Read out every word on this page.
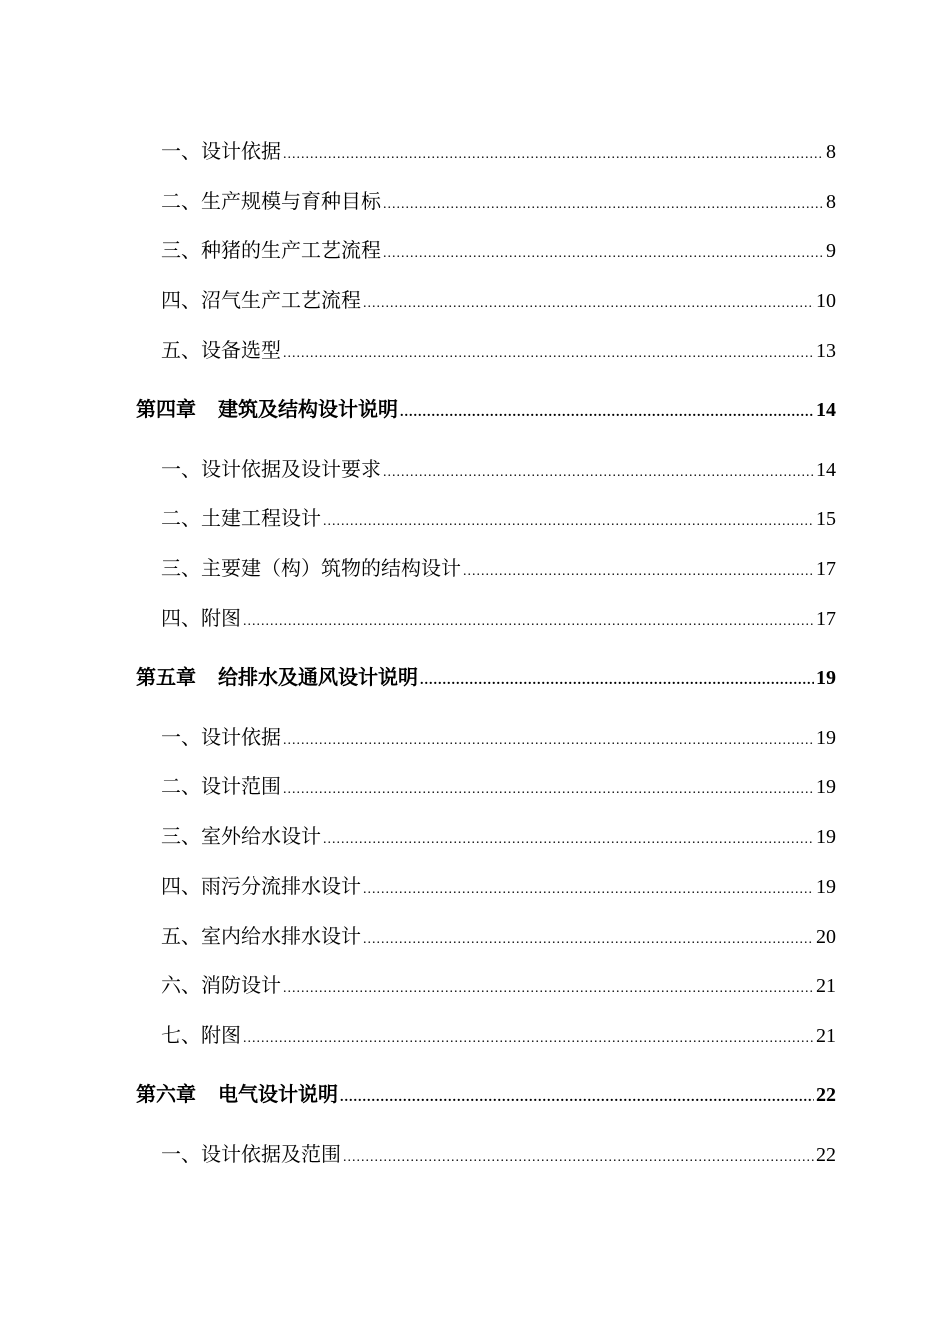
一、设计依据 .....	8
二、生产规模与育种目标 .....	8
三、种猪的生产工艺流程 .....	9
四、沼气生产工艺流程 .....	10
五、设备选型 .....	13
第四章 建筑及结构设计说明 .....	14
一、设计依据及设计要求 .....	14
二、土建工程设计 .....	15
三、主要建（构）筑物的结构设计 .....	17
四、附图 .....	17
第五章 给排水及通风设计说明 .....	19
一、设计依据 .....	19
二、设计范围 .....	19
三、室外给水设计 .....	19
四、雨污分流排水设计 .....	19
五、室内给水排水设计 .....	20
六、消防设计 .....	21
七、附图 .....	21
第六章 电气设计说明 .....	22
一、设计依据及范围 .....	22
